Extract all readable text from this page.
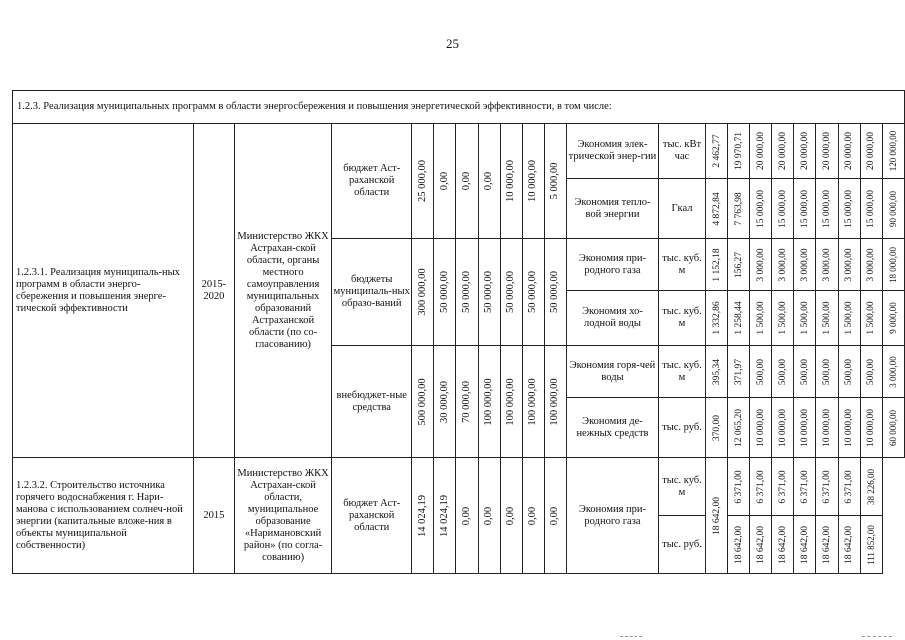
25
1.2.3. Реализация муниципальных программ в области энергосбережения и повышения энергетической эффективности, в том числе:																					
1.2.3.1. Реализация муниципаль-ных программ в области энерго-сбережения и повышения энерге-тической эффективности	2015-2020	Министерство ЖКХ Астрахан-ской области, органы местного самоуправления муниципальных образований Астраханской области (по со-гласованию)	бюджет Аст-раханской области	25 000,00	0,00	0,00	0,00	10 000,00	10 000,00	5 000,00	Экономия элек-трической энер-гии	тыс. кВт час	2 462,77	19 970,71	20 000,00	20 000,00	20 000,00	20 000,00	20 000,00	20 000,00	120 000,00

											Экономия тепло-вой энергии	Гкал	4 872,84	7 763,98	15 000,00	15 000,00	15 000,00	15 000,00	15 000,00	15 000,00	90 000,00

			бюджеты муниципаль-ных образо-ваний	300 000,00	50 000,00	50 000,00	50 000,00	50 000,00	50 000,00	50 000,00	Экономия при-родного газа	тыс. куб. м	1 152,18	156,27	3 000,00	3 000,00	3 000,00	3 000,00	3 000,00	3 000,00	18 000,00

											Экономия хо-лодной воды	тыс. куб. м	1 332,86	1 258,44	1 500,00	1 500,00	1 500,00	1 500,00	1 500,00	1 500,00	9 000,00

			внебюджет-ные средства	500 000,00	30 000,00	70 000,00	100 000,00	100 000,00	100 000,00	100 000,00	Экономия горя-чей воды	тыс. куб. м	395,34	371,97	500,00	500,00	500,00	500,00	500,00	500,00	3 000,00

											Экономия де-нежных средств	тыс. руб.	370,00	12 065,20	10 000,00	10 000,00	10 000,00	10 000,00	10 000,00	10 000,00	60 000,00

1.2.3.2. Строительство источника горячего водоснабжения г. Нари-манова с использованием солнеч-ной энергии (капитальные вложе-ния в объекты муниципальной собственности)	2015	Министерство ЖКХ Астрахан-ской области, муниципальное образование «Наримановский район» (по согла-сованию)	бюджет Аст-раханской области	14 024,19	14 024,19	0,00	0,00	0,00	0,00	0,00	Экономия при-родного газа	тыс. куб. м	18 642,00	6 371,00	6 371,00	6 371,00	6 371,00	6 371,00	6 371,00	38 226,00	

												тыс. руб.		18 642,00	18 642,00	18 642,00	18 642,00	18 642,00	18 642,00	111 852,00	
